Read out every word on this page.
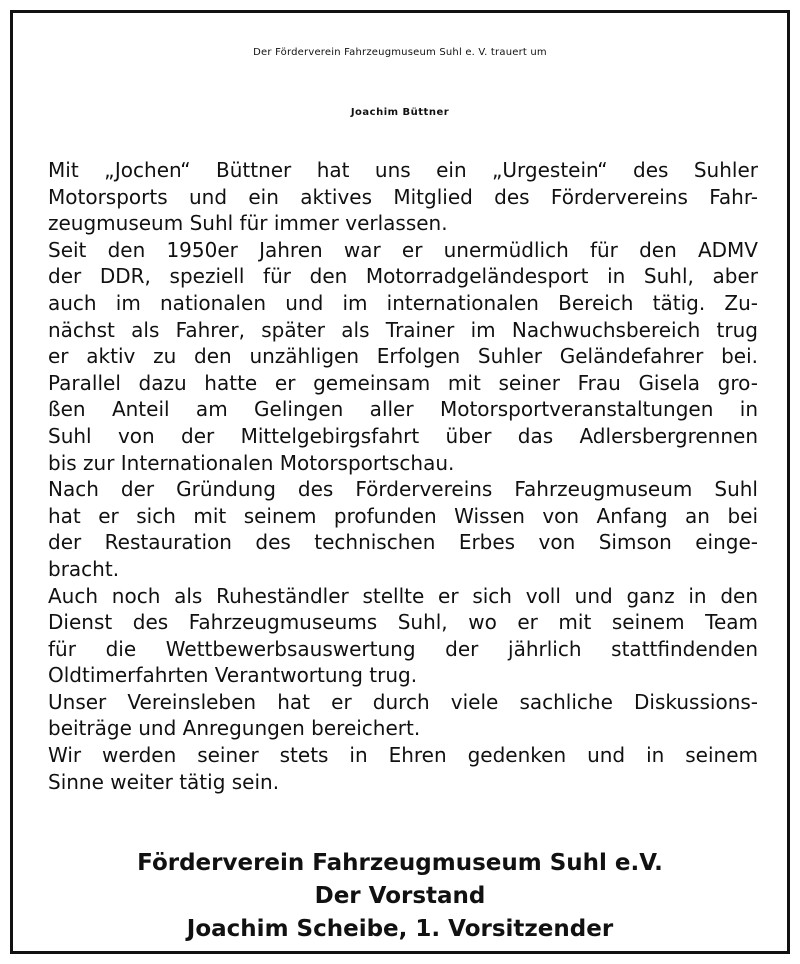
Der Förderverein Fahrzeugmuseum Suhl e. V. trauert um
Joachim Büttner
Mit „Jochen“ Büttner hat uns ein „Urgestein“ des Suhler
Motorsports und ein aktives Mitglied des Fördervereins Fahr-
zeugmuseum Suhl für immer verlassen.
Seit den 1950er Jahren war er unermüdlich für den ADMV
der DDR, speziell für den Motorradgeländesport in Suhl, aber
auch im nationalen und im internationalen Bereich tätig. Zu-
nächst als Fahrer, später als Trainer im Nachwuchsbereich trug
er aktiv zu den unzähligen Erfolgen Suhler Geländefahrer bei.
Parallel dazu hatte er gemeinsam mit seiner Frau Gisela gro-
ßen Anteil am Gelingen aller Motorsportveranstaltungen in
Suhl von der Mittelgebirgsfahrt über das Adlersbergrennen
bis zur Internationalen Motorsportschau.
Nach der Gründung des Fördervereins Fahrzeugmuseum Suhl
hat er sich mit seinem profunden Wissen von Anfang an bei
der Restauration des technischen Erbes von Simson einge-
bracht.
Auch noch als Ruheständler stellte er sich voll und ganz in den
Dienst des Fahrzeugmuseums Suhl, wo er mit seinem Team
für die Wettbewerbsauswertung der jährlich stattfindenden
Oldtimerfahrten Verantwortung trug.
Unser Vereinsleben hat er durch viele sachliche Diskussions-
beiträge und Anregungen bereichert.
Wir werden seiner stets in Ehren gedenken und in seinem
Sinne weiter tätig sein.
Förderverein Fahrzeugmuseum Suhl e.V.
Der Vorstand
Joachim Scheibe, 1. Vorsitzender
